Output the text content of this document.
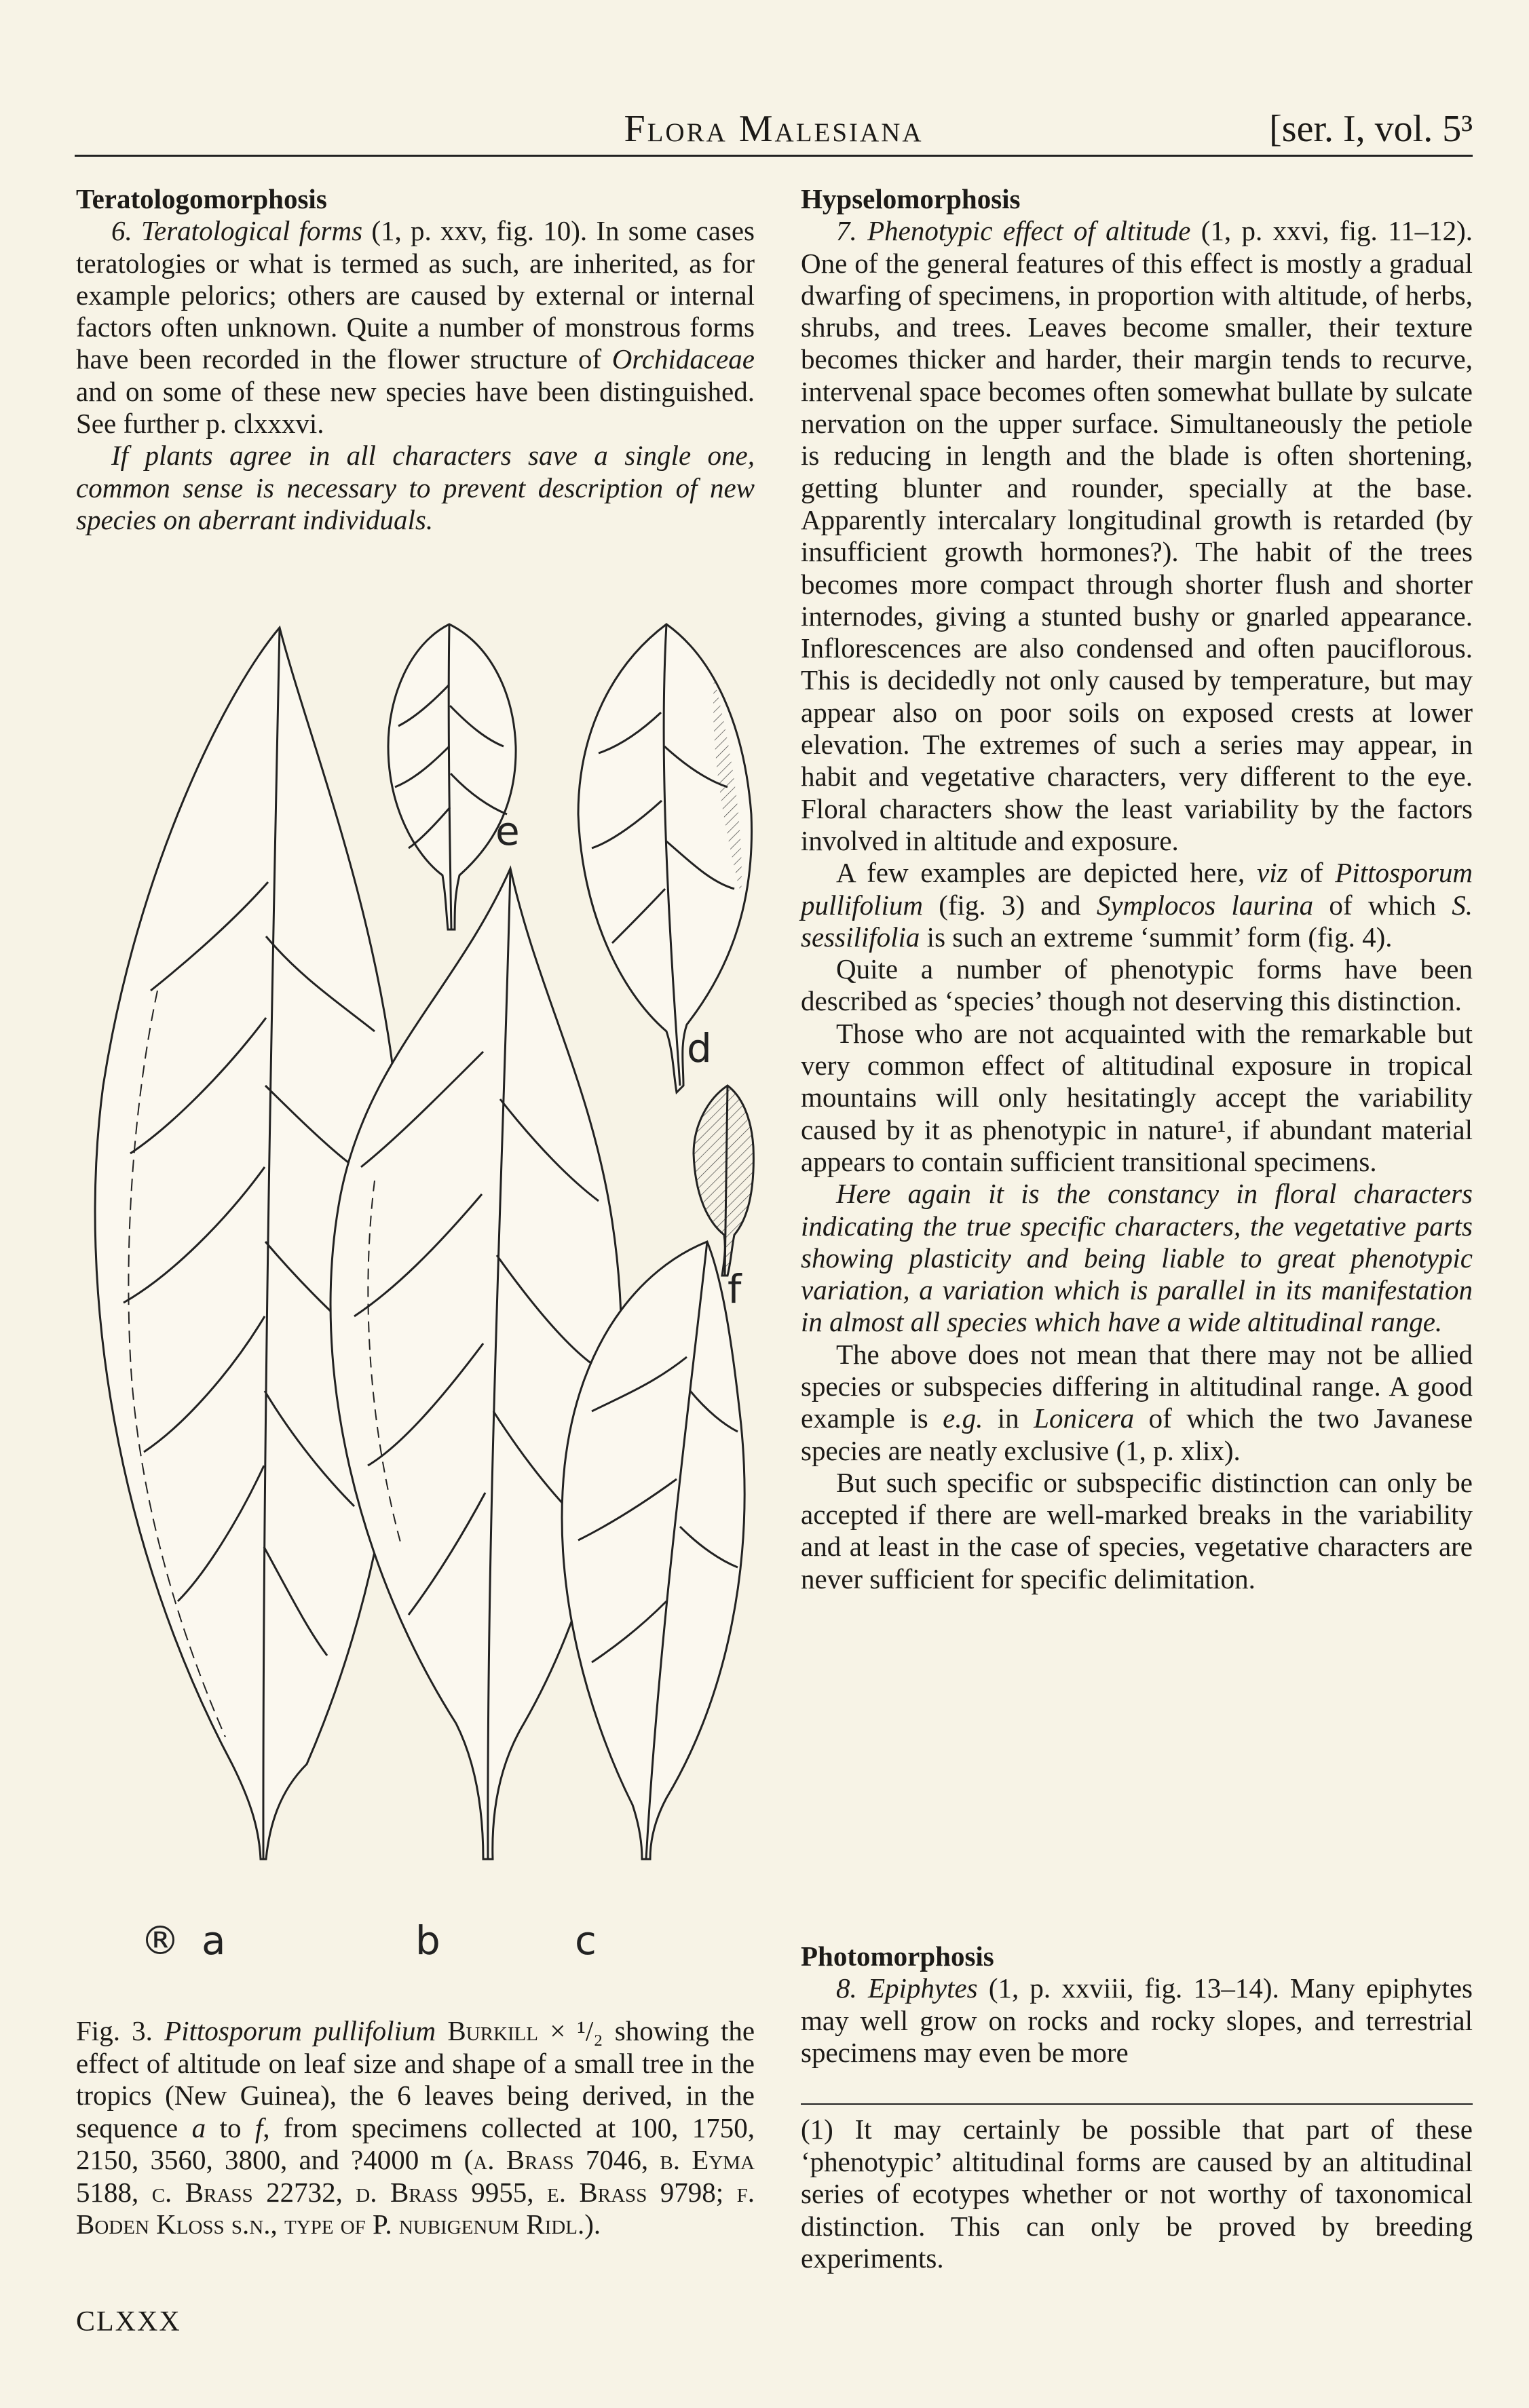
Flora Malesiana	[ser. I, vol. 5³

Teratologomorphosis

6. Teratological forms (1, p. xxv, fig. 10). In some cases teratologies or what is termed as such, are inherited, as for example pelorics; others are caused by external or internal factors often unknown. Quite a number of monstrous forms have been recorded in the flower structure of Orchidaceae and on some of these new species have been distinguished. See further p. clxxxvi.

If plants agree in all characters save a single one, common sense is necessary to prevent description of new species on aberrant individuals.

® a	b	c
d
e
f

Fig. 3. Pittosporum pullifolium Burkill × ¹/₂ showing the effect of altitude on leaf size and shape of a small tree in the tropics (New Guinea), the 6 leaves being derived, in the sequence a to f, from specimens collected at 100, 1750, 2150, 3560, 3800, and ?4000 m (a. Brass 7046, b. Eyma 5188, c. Brass 22732, d. Brass 9955, e. Brass 9798; f. Boden Kloss s.n., type of P. nubigenum Ridl.).

Hypselomorphosis

7. Phenotypic effect of altitude (1, p. xxvi, fig. 11–12). One of the general features of this effect is mostly a gradual dwarfing of specimens, in proportion with altitude, of herbs, shrubs, and trees. Leaves become smaller, their texture becomes thicker and harder, their margin tends to recurve, intervenal space becomes often somewhat bullate by sulcate nervation on the upper surface. Simultaneously the petiole is reducing in length and the blade is often shortening, getting blunter and rounder, specially at the base. Apparently intercalary longitudinal growth is retarded (by insufficient growth hormones?). The habit of the trees becomes more compact through shorter flush and shorter internodes, giving a stunted bushy or gnarled appearance. Inflorescences are also condensed and often pauciflorous. This is decidedly not only caused by temperature, but may appear also on poor soils on exposed crests at lower elevation. The extremes of such a series may appear, in habit and vegetative characters, very different to the eye. Floral characters show the least variability by the factors involved in altitude and exposure.

A few examples are depicted here, viz of Pittosporum pullifolium (fig. 3) and Symplocos laurina of which S. sessilifolia is such an extreme ‘summit’ form (fig. 4).

Quite a number of phenotypic forms have been described as ‘species’ though not deserving this distinction.

Those who are not acquainted with the remarkable but very common effect of altitudinal exposure in tropical mountains will only hesitatingly accept the variability caused by it as phenotypic in nature¹, if abundant material appears to contain sufficient transitional specimens.

Here again it is the constancy in floral characters indicating the true specific characters, the vegetative parts showing plasticity and being liable to great phenotypic variation, a variation which is parallel in its manifestation in almost all species which have a wide altitudinal range.

The above does not mean that there may not be allied species or subspecies differing in altitudinal range. A good example is e.g. in Lonicera of which the two Javanese species are neatly exclusive (1, p. xlix).

But such specific or subspecific distinction can only be accepted if there are well-marked breaks in the variability and at least in the case of species, vegetative characters are never sufficient for specific delimitation.

Photomorphosis

8. Epiphytes (1, p. xxviii, fig. 13–14). Many epiphytes may well grow on rocks and rocky slopes, and terrestrial specimens may even be more

(1) It may certainly be possible that part of these ‘phenotypic’ altitudinal forms are caused by an altitudinal series of ecotypes whether or not worthy of taxonomical distinction. This can only be proved by breeding experiments.

CLXXX
